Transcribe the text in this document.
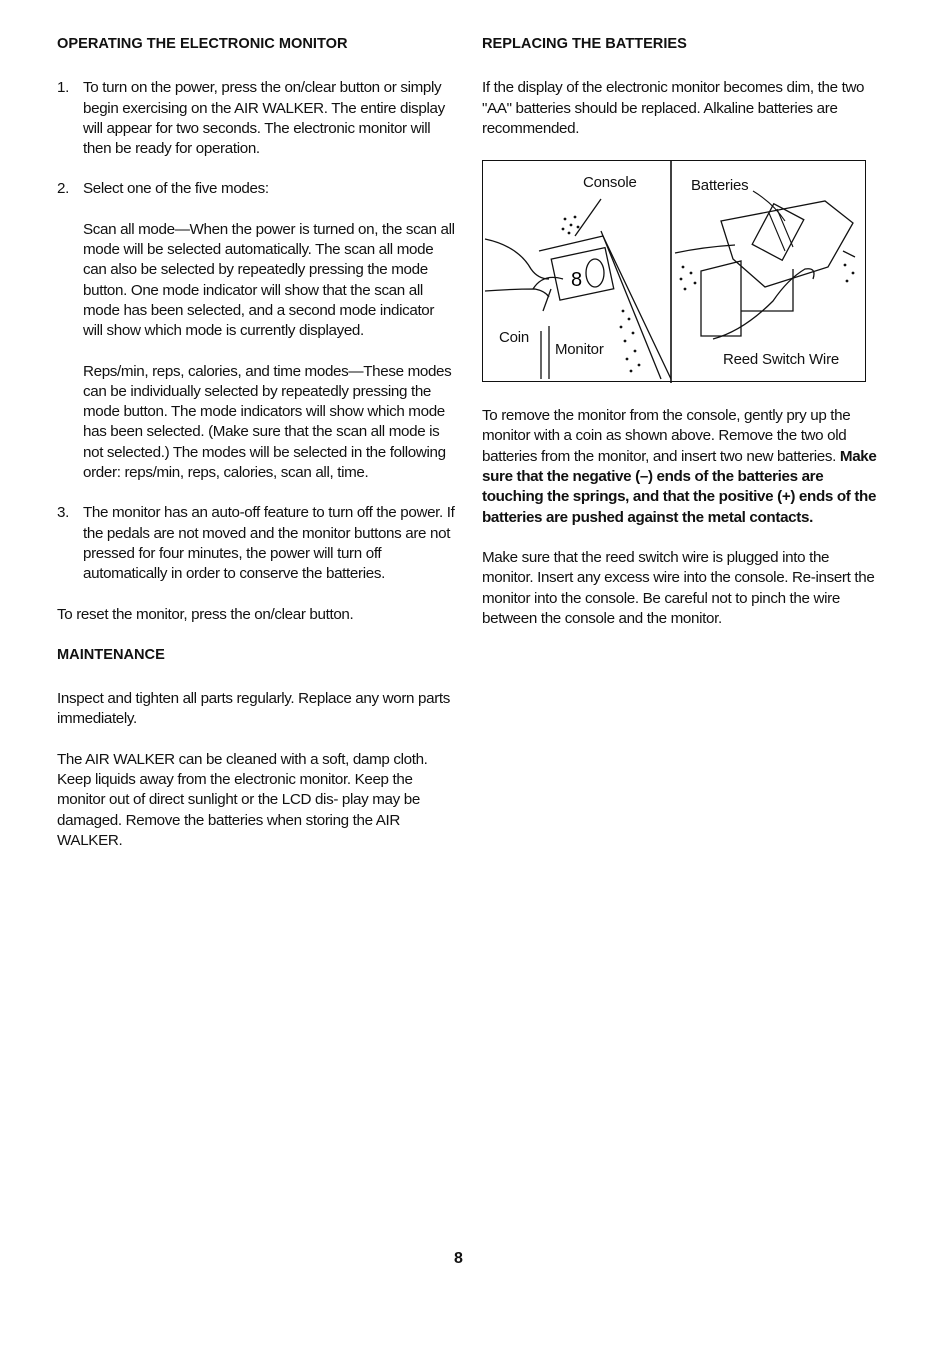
OPERATING THE ELECTRONIC MONITOR
1. To turn on the power, press the on/clear button or simply begin exercising on the AIR WALKER. The entire display will appear for two seconds. The electronic monitor will then be ready for operation.

2. Select one of the five modes:

Scan all mode—When the power is turned on, the scan all mode will be selected automatically. The scan all mode can also be selected by repeatedly pressing the mode button. One mode indicator will show that the scan all mode has been selected, and a second mode indicator will show which mode is currently displayed.

Reps/min, reps, calories, and time modes—These modes can be individually selected by repeatedly pressing the mode button. The mode indicators will show which mode has been selected. (Make sure that the scan all mode is not selected.) The modes will be selected in the following order: reps/min, reps, calories, scan all, time.

3. The monitor has an auto-off feature to turn off the power. If the pedals are not moved and the monitor buttons are not pressed for four minutes, the power will turn off automatically in order to conserve the batteries.

To reset the monitor, press the on/clear button.

MAINTENANCE

Inspect and tighten all parts regularly. Replace any worn parts immediately.

The AIR WALKER can be cleaned with a soft, damp cloth. Keep liquids away from the electronic monitor. Keep the monitor out of direct sunlight or the LCD dis- play may be damaged. Remove the batteries when storing the AIR WALKER.

REPLACING THE BATTERIES

If the display of the electronic monitor becomes dim, the two "AA" batteries should be replaced. Alkaline batteries are recommended.

8
Console	Batteries
Coin
Monitor
Reed Switch Wire

To remove the monitor from the console, gently pry up the monitor with a coin as shown above. Remove the two old batteries from the monitor, and insert two new batteries. Make sure that the negative (–) ends of the batteries are touching the springs, and that the positive (+) ends of the batteries are pushed against the metal contacts.

Make sure that the reed switch wire is plugged into the monitor. Insert any excess wire into the console. Re-insert the monitor into the console. Be careful not to pinch the wire between the console and the monitor.

8
